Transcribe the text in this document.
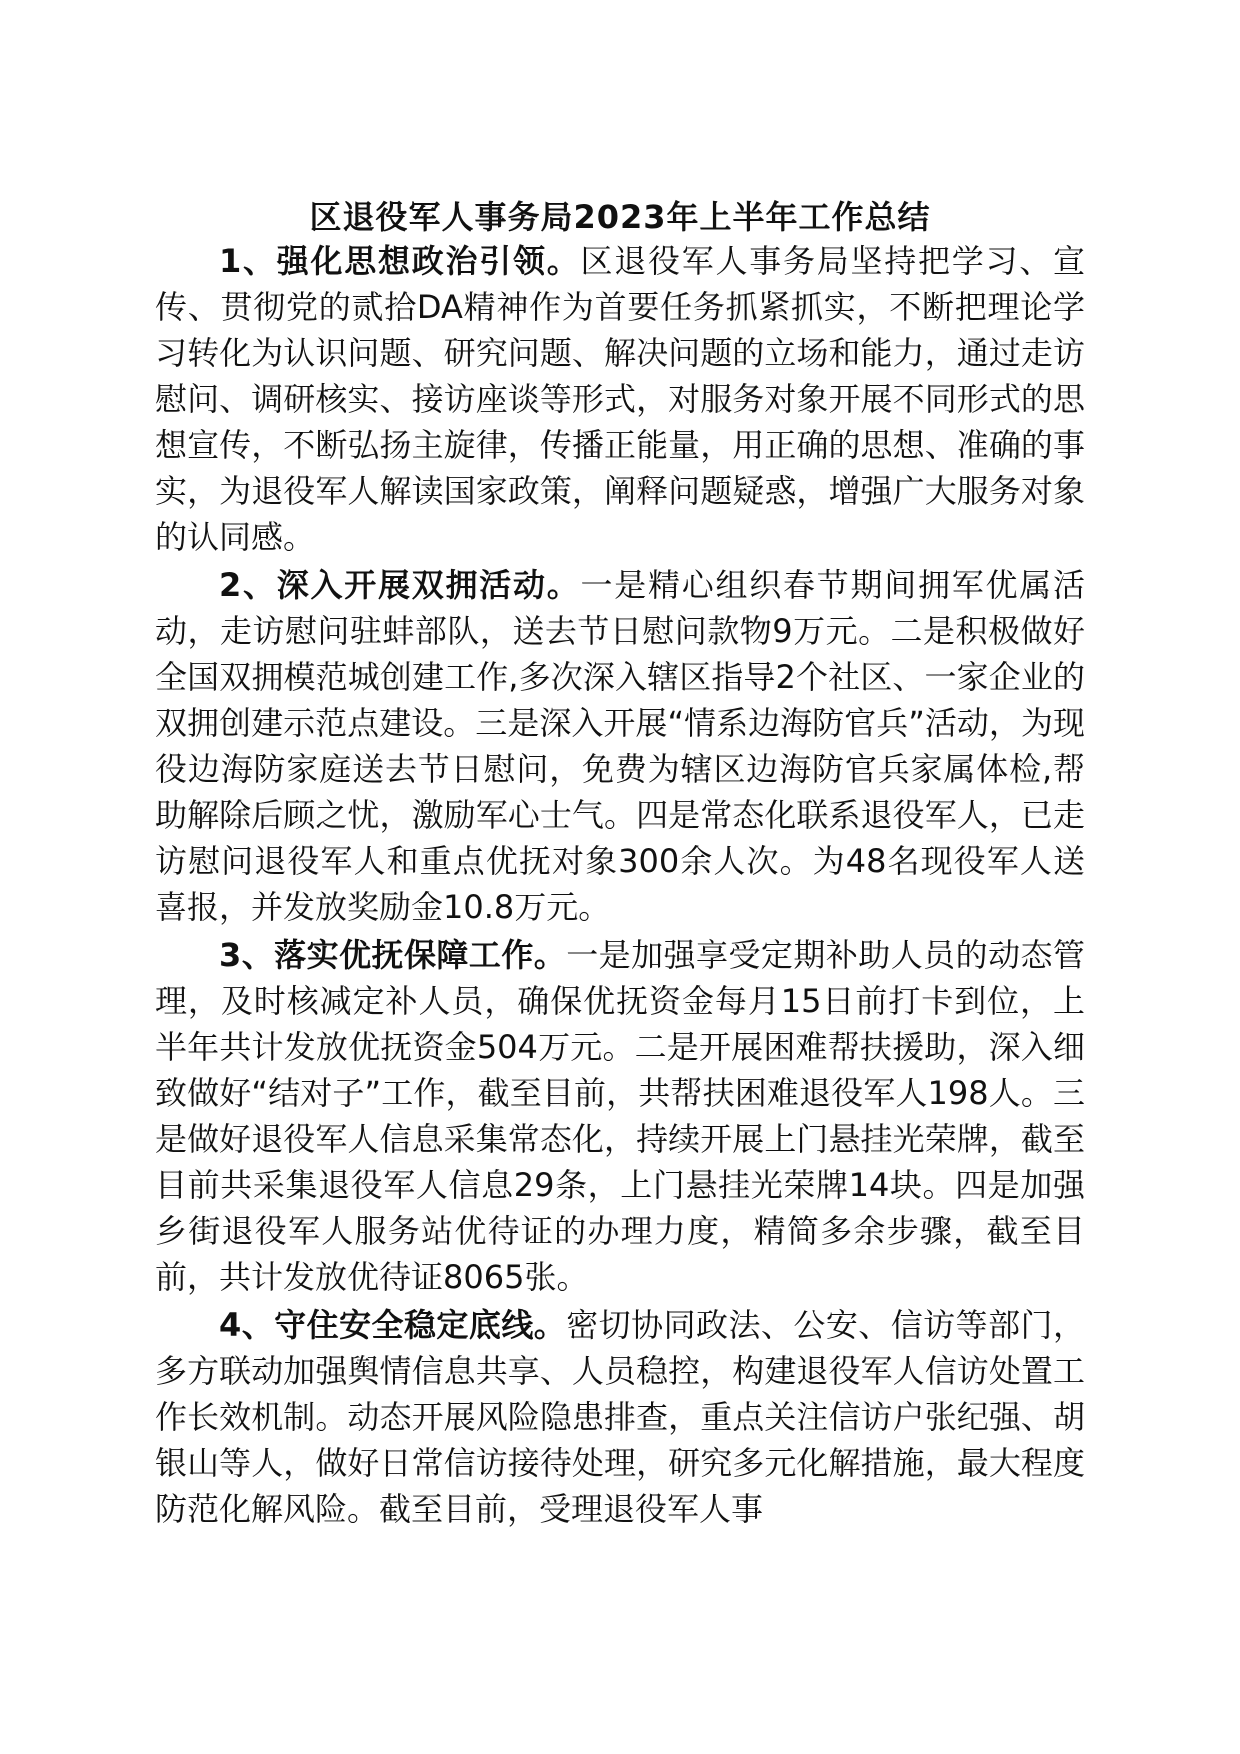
区退役军人事务局2023年上半年工作总结

1、强化思想政治引领。区退役军人事务局坚持把学习、宣传、贯彻党的贰拾DA精神作为首要任务抓紧抓实，不断把理论学习转化为认识问题、研究问题、解决问题的立场和能力，通过走访慰问、调研核实、接访座谈等形式，对服务对象开展不同形式的思想宣传，不断弘扬主旋律，传播正能量，用正确的思想、准确的事实，为退役军人解读国家政策，阐释问题疑惑，增强广大服务对象的认同感。

2、深入开展双拥活动。一是精心组织春节期间拥军优属活动，走访慰问驻蚌部队，送去节日慰问款物9万元。二是积极做好全国双拥模范城创建工作,多次深入辖区指导2个社区、一家企业的双拥创建示范点建设。三是深入开展“情系边海防官兵”活动，为现役边海防家庭送去节日慰问，免费为辖区边海防官兵家属体检,帮助解除后顾之忧，激励军心士气。四是常态化联系退役军人，已走访慰问退役军人和重点优抚对象300余人次。为48名现役军人送喜报，并发放奖励金10.8万元。

3、落实优抚保障工作。一是加强享受定期补助人员的动态管理，及时核减定补人员，确保优抚资金每月15日前打卡到位，上半年共计发放优抚资金504万元。二是开展困难帮扶援助，深入细致做好“结对子”工作，截至目前，共帮扶困难退役军人198人。三是做好退役军人信息采集常态化，持续开展上门悬挂光荣牌，截至目前共采集退役军人信息29条，上门悬挂光荣牌14块。四是加强乡街退役军人服务站优待证的办理力度，精简多余步骤，截至目前，共计发放优待证8065张。

4、守住安全稳定底线。密切协同政法、公安、信访等部门，多方联动加强舆情信息共享、人员稳控，构建退役军人信访处置工作长效机制。动态开展风险隐患排查，重点关注信访户张纪强、胡银山等人，做好日常信访接待处理，研究多元化解措施，最大程度防范化解风险。截至目前，受理退役军人事
